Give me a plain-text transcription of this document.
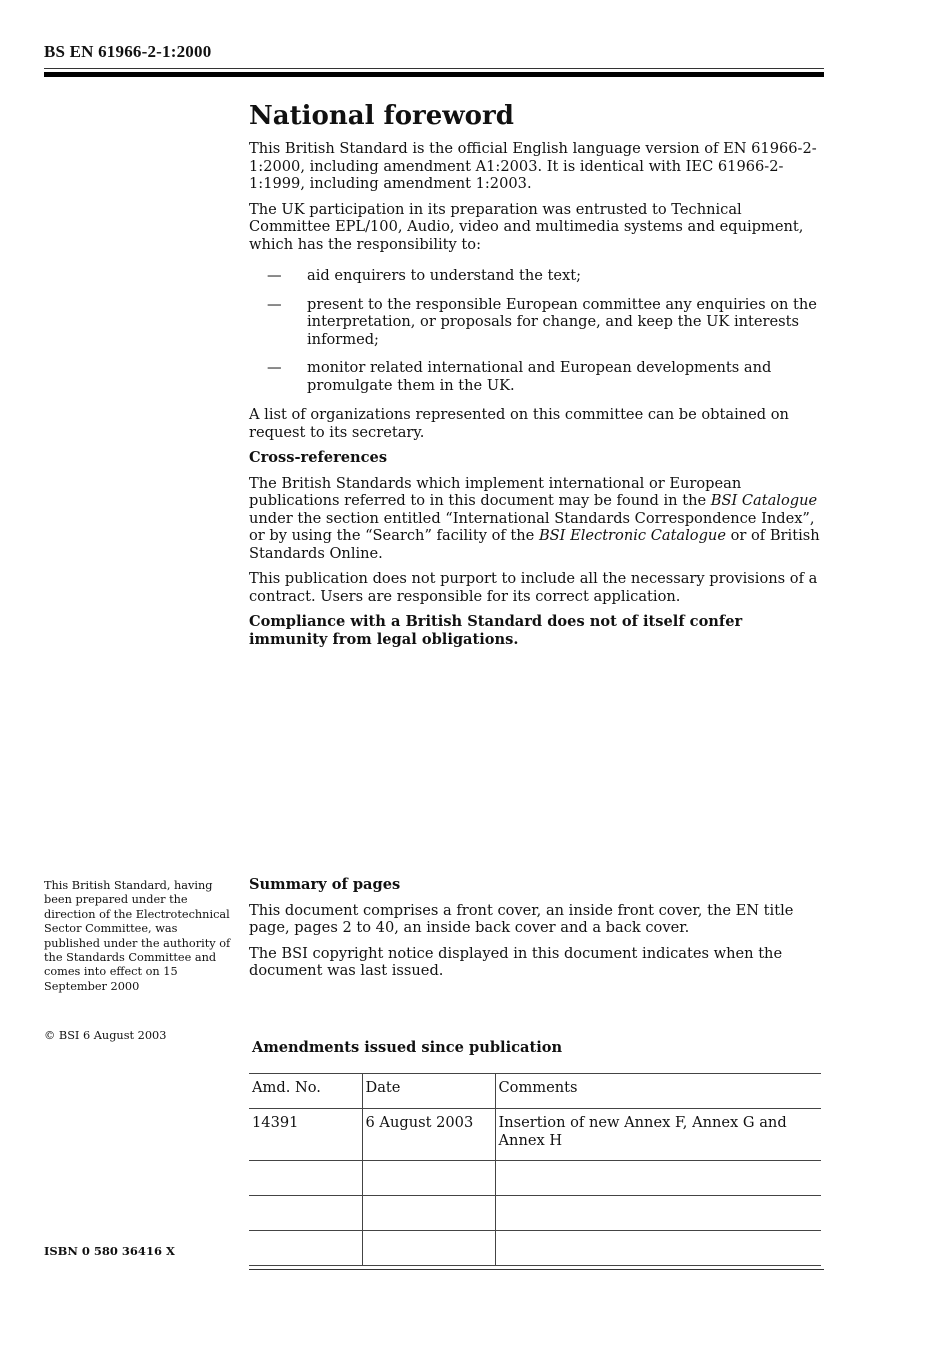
BS EN 61966-2-1:2000
National foreword

This British Standard is the official English language version of EN 61966-2-1:2000, including amendment A1:2003. It is identical with IEC 61966-2-1:1999, including amendment 1:2003.

The UK participation in its preparation was entrusted to Technical Committee EPL/100, Audio, video and multimedia systems and equipment, which has the responsibility to:

— aid enquirers to understand the text;
— present to the responsible European committee any enquiries on the interpretation, or proposals for change, and keep the UK interests informed;
— monitor related international and European developments and promulgate them in the UK.

A list of organizations represented on this committee can be obtained on request to its secretary.

Cross-references

The British Standards which implement international or European publications referred to in this document may be found in the BSI Catalogue under the section entitled “International Standards Correspondence Index”, or by using the “Search” facility of the BSI Electronic Catalogue or of British Standards Online.

This publication does not purport to include all the necessary provisions of a contract. Users are responsible for its correct application.

Compliance with a British Standard does not of itself confer immunity from legal obligations.

This British Standard, having been prepared under the direction of the Electrotechnical Sector Committee, was published under the authority of the Standards Committee and comes into effect on 15 September 2000
© BSI 6 August 2003
ISBN 0 580 36416 X

Summary of pages

This document comprises a front cover, an inside front cover, the EN title page, pages 2 to 40, an inside back cover and a back cover.

The BSI copyright notice displayed in this document indicates when the document was last issued.

Amendments issued since publication
Amd. No.	Date	Comments
14391	6 August 2003	Insertion of new Annex F, Annex G and Annex H
